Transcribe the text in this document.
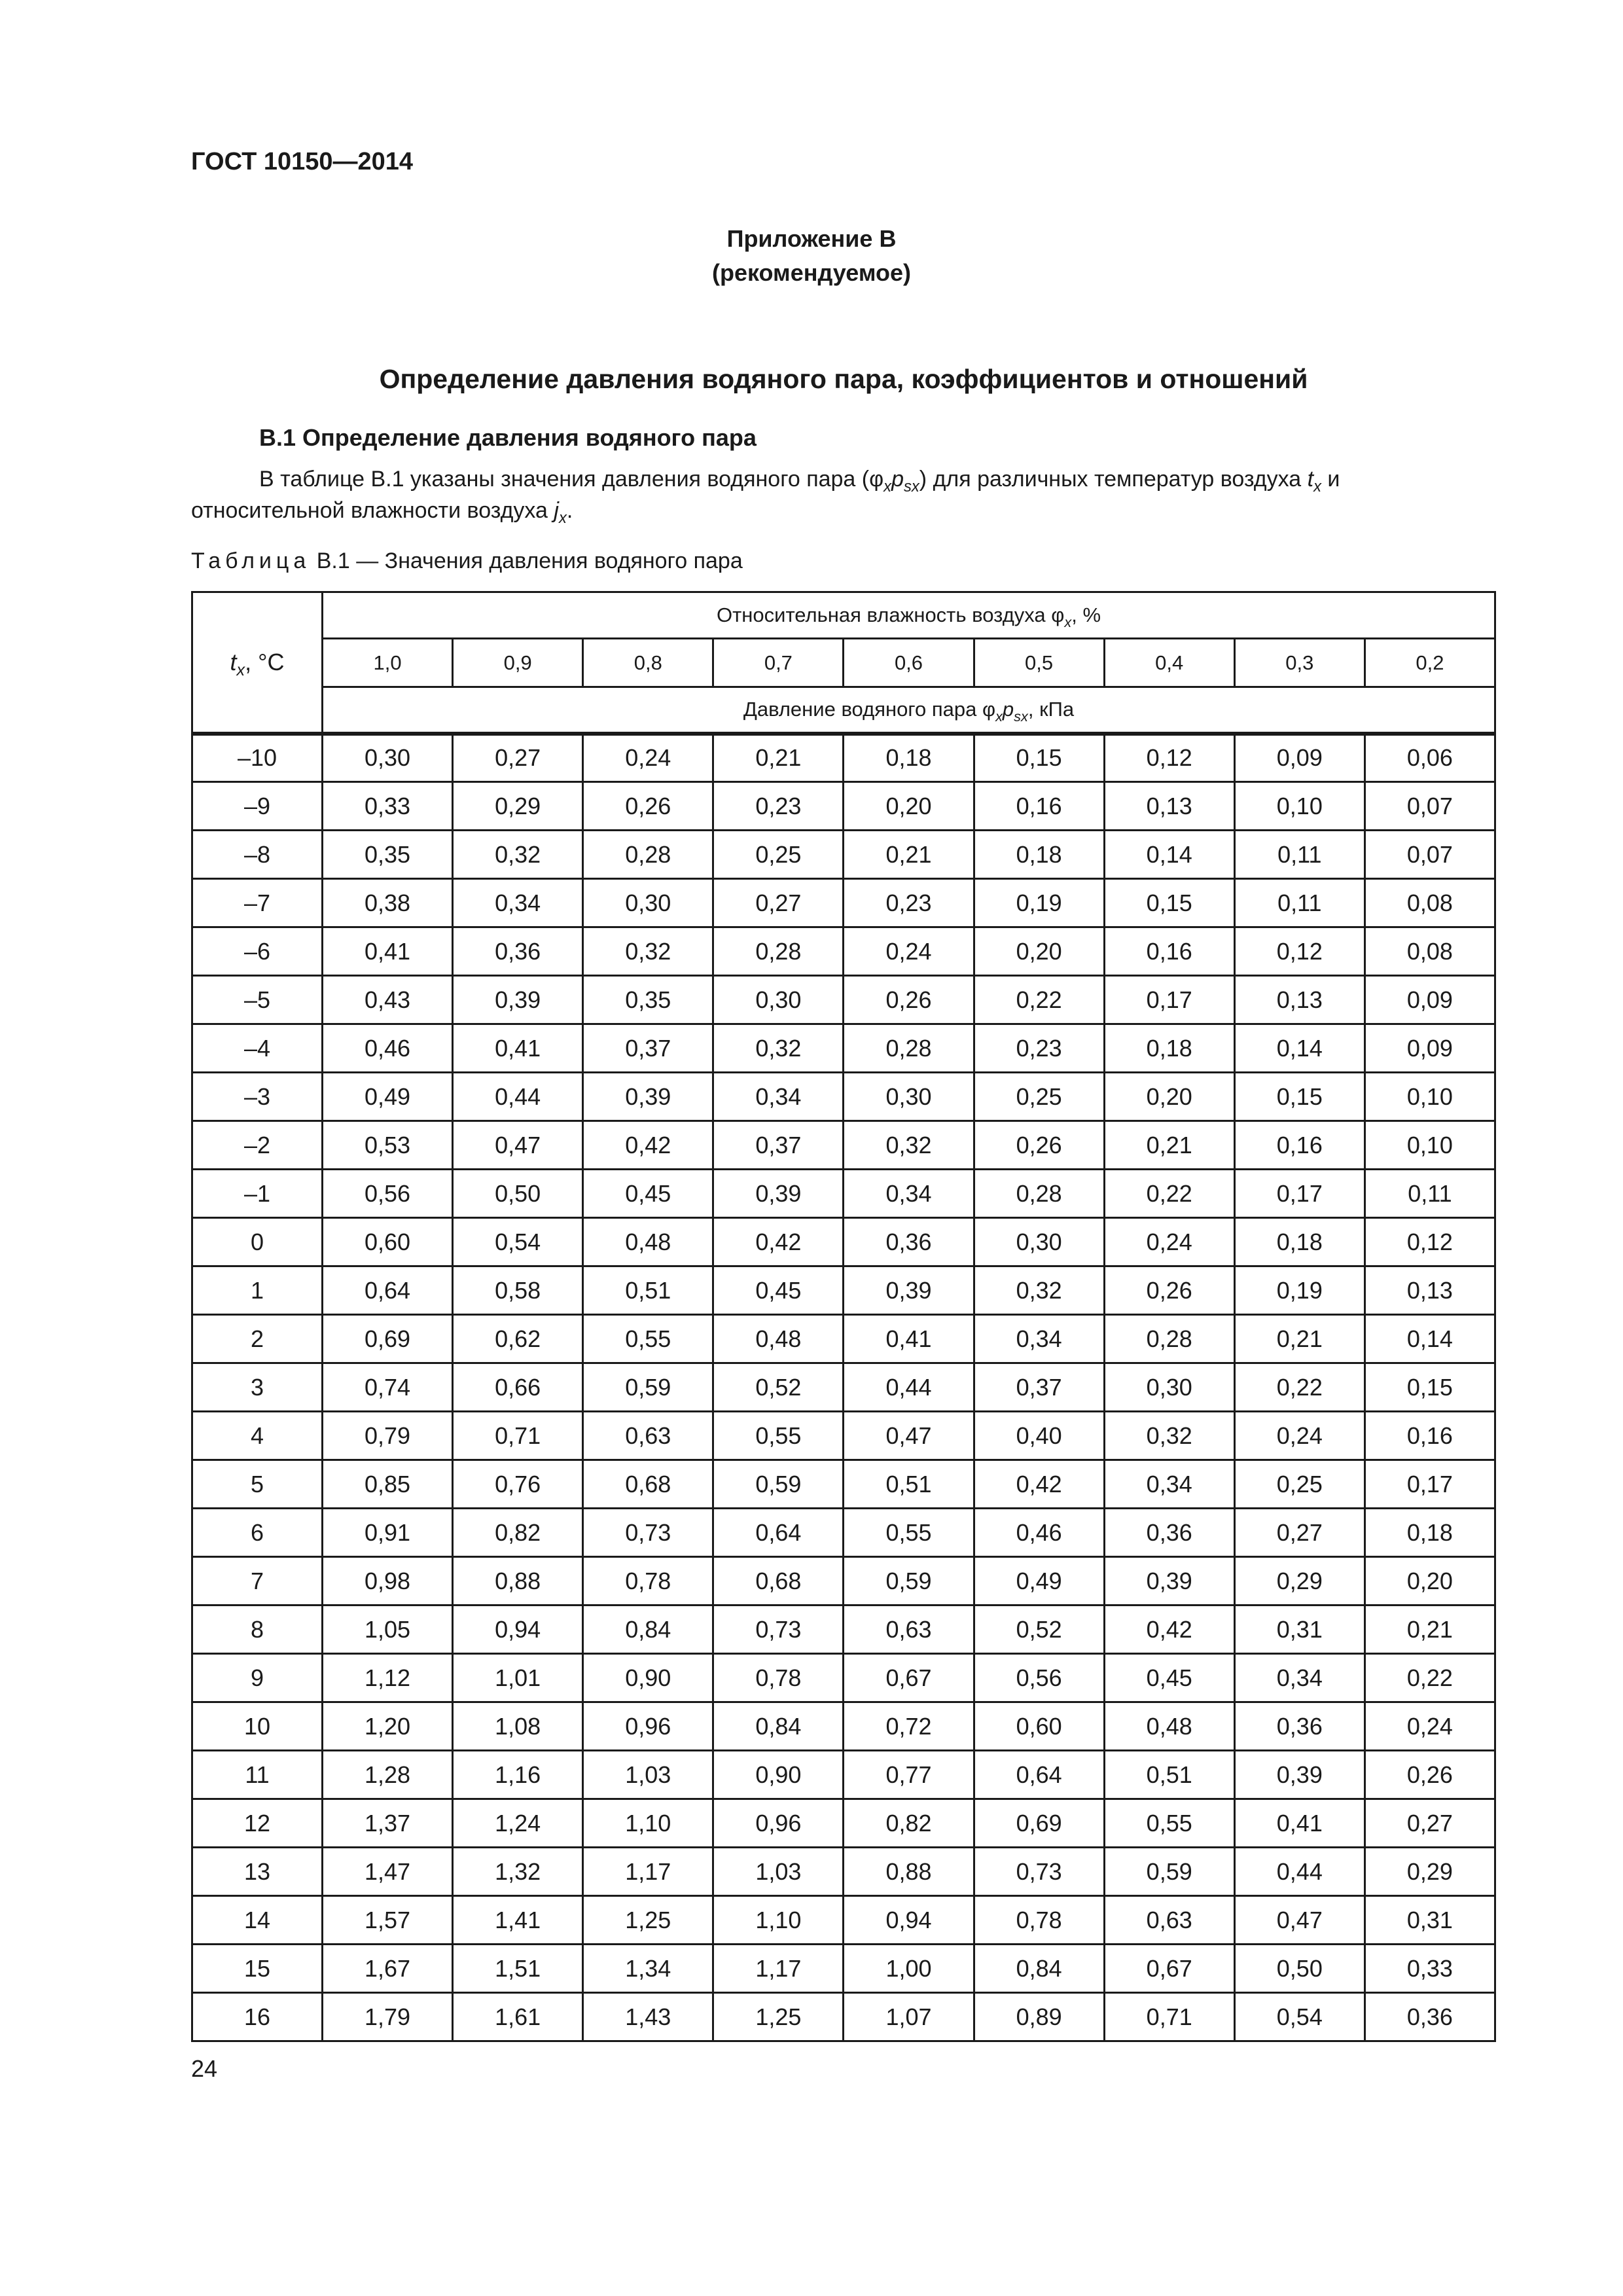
ГОСТ 10150—2014
Приложение В
(рекомендуемое)
Определение давления водяного пара, коэффициентов и отношений
В.1 Определение давления водяного пара
В таблице В.1 указаны значения давления водяного пара $(\varphi_xp_{sx})$ для различных температур воздуха $t_x$ и относительной влажности воздуха $j_x$.
Таблица В.1 — Значения давления водяного пара
$t_x$, °С	Относительная влажность воздуха $\varphi_x$, %								
	1,0	0,9	0,8	0,7	0,6	0,5	0,4	0,3	0,2
	Давление водяного пара $\varphi_xp_{sx}$, кПа								
–10	0,30	0,27	0,24	0,21	0,18	0,15	0,12	0,09	0,06
–9	0,33	0,29	0,26	0,23	0,20	0,16	0,13	0,10	0,07
–8	0,35	0,32	0,28	0,25	0,21	0,18	0,14	0,11	0,07
–7	0,38	0,34	0,30	0,27	0,23	0,19	0,15	0,11	0,08
–6	0,41	0,36	0,32	0,28	0,24	0,20	0,16	0,12	0,08
–5	0,43	0,39	0,35	0,30	0,26	0,22	0,17	0,13	0,09
–4	0,46	0,41	0,37	0,32	0,28	0,23	0,18	0,14	0,09
–3	0,49	0,44	0,39	0,34	0,30	0,25	0,20	0,15	0,10
–2	0,53	0,47	0,42	0,37	0,32	0,26	0,21	0,16	0,10
–1	0,56	0,50	0,45	0,39	0,34	0,28	0,22	0,17	0,11
0	0,60	0,54	0,48	0,42	0,36	0,30	0,24	0,18	0,12
1	0,64	0,58	0,51	0,45	0,39	0,32	0,26	0,19	0,13
2	0,69	0,62	0,55	0,48	0,41	0,34	0,28	0,21	0,14
3	0,74	0,66	0,59	0,52	0,44	0,37	0,30	0,22	0,15
4	0,79	0,71	0,63	0,55	0,47	0,40	0,32	0,24	0,16
5	0,85	0,76	0,68	0,59	0,51	0,42	0,34	0,25	0,17
6	0,91	0,82	0,73	0,64	0,55	0,46	0,36	0,27	0,18
7	0,98	0,88	0,78	0,68	0,59	0,49	0,39	0,29	0,20
8	1,05	0,94	0,84	0,73	0,63	0,52	0,42	0,31	0,21
9	1,12	1,01	0,90	0,78	0,67	0,56	0,45	0,34	0,22
10	1,20	1,08	0,96	0,84	0,72	0,60	0,48	0,36	0,24
11	1,28	1,16	1,03	0,90	0,77	0,64	0,51	0,39	0,26
12	1,37	1,24	1,10	0,96	0,82	0,69	0,55	0,41	0,27
13	1,47	1,32	1,17	1,03	0,88	0,73	0,59	0,44	0,29
14	1,57	1,41	1,25	1,10	0,94	0,78	0,63	0,47	0,31
15	1,67	1,51	1,34	1,17	1,00	0,84	0,67	0,50	0,33
16	1,79	1,61	1,43	1,25	1,07	0,89	0,71	0,54	0,36
24
